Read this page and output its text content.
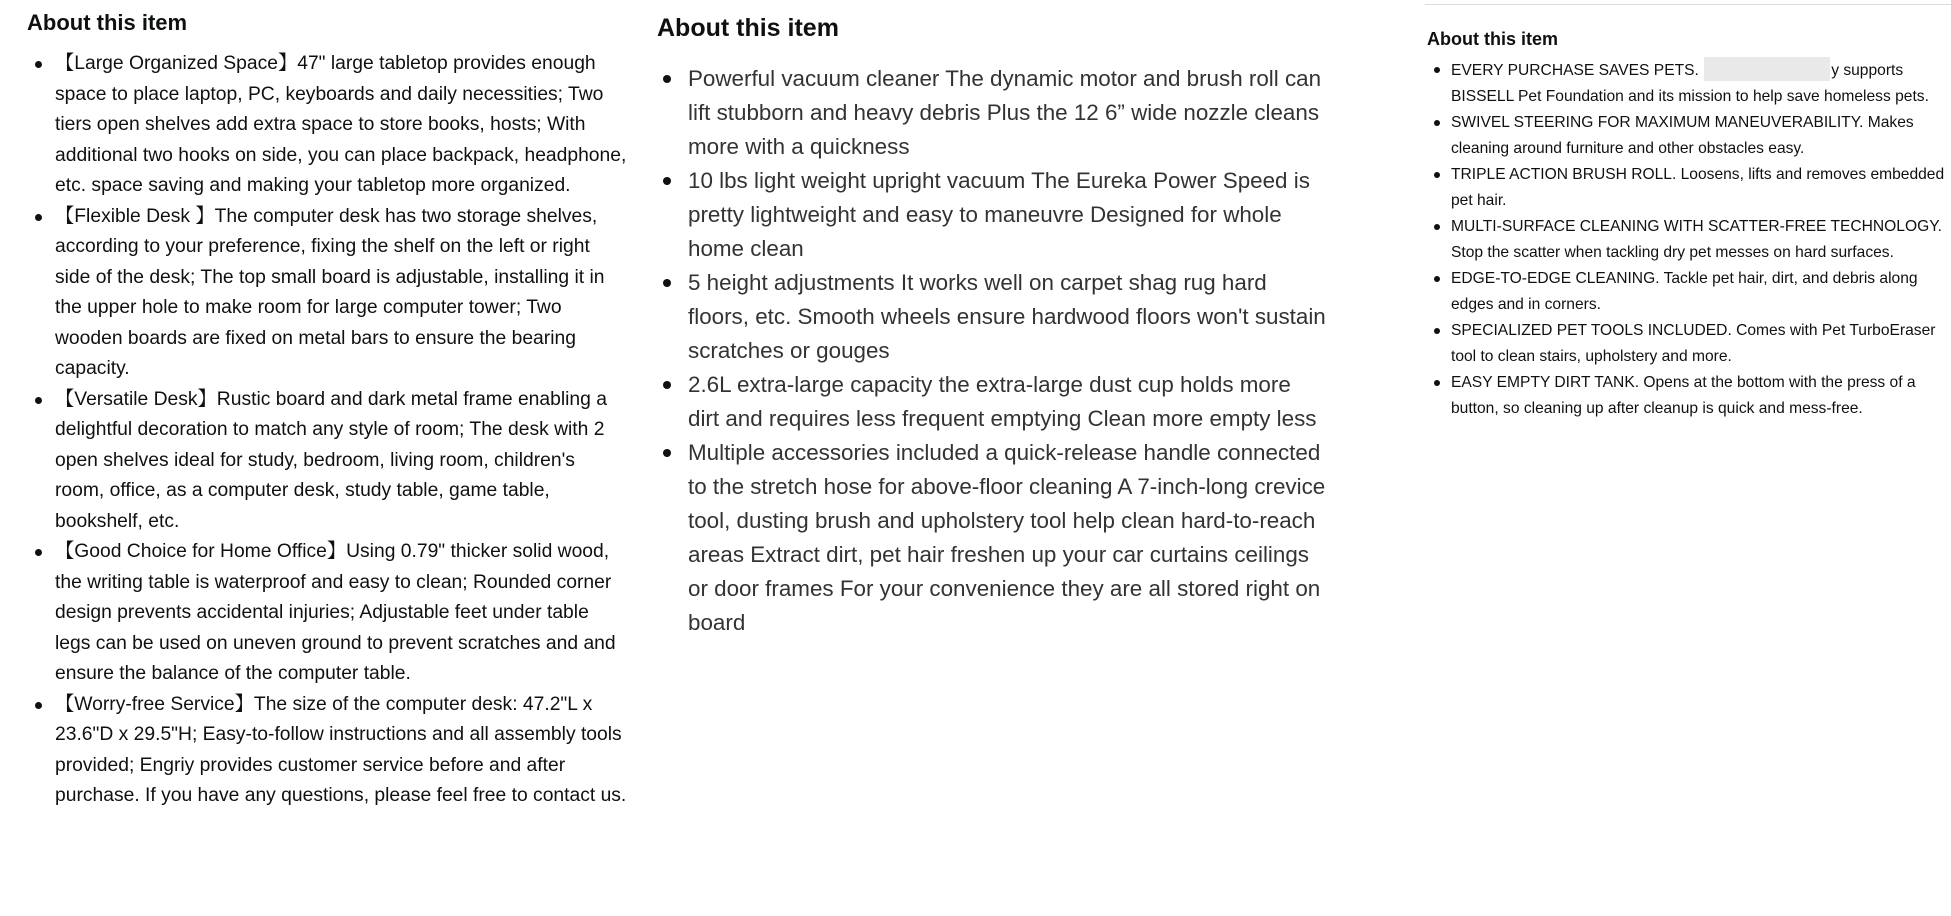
About this item
【Large Organized Space】47" large tabletop provides enough space to place laptop, PC, keyboards and daily necessities; Two tiers open shelves add extra space to store books, hosts; With additional two hooks on side, you can place backpack, headphone, etc. space saving and making your tabletop more organized.
【Flexible Desk 】The computer desk has two storage shelves, according to your preference, fixing the shelf on the left or right side of the desk; The top small board is adjustable, installing it in the upper hole to make room for large computer tower; Two wooden boards are fixed on metal bars to ensure the bearing capacity.
【Versatile Desk】Rustic board and dark metal frame enabling a delightful decoration to match any style of room; The desk with 2 open shelves ideal for study, bedroom, living room, children's room, office, as a computer desk, study table, game table, bookshelf, etc.
【Good Choice for Home Office】Using 0.79" thicker solid wood, the writing table is waterproof and easy to clean; Rounded corner design prevents accidental injuries; Adjustable feet under table legs can be used on uneven ground to prevent scratches and and ensure the balance of the computer table.
【Worry-free Service】The size of the computer desk: 47.2"L x 23.6"D x 29.5"H; Easy-to-follow instructions and all assembly tools provided; Engriy provides customer service before and after purchase. If you have any questions, please feel free to contact us.
About this item
Powerful vacuum cleaner The dynamic motor and brush roll can lift stubborn and heavy debris Plus the 12 6” wide nozzle cleans more with a quickness
10 lbs light weight upright vacuum The Eureka Power Speed is pretty lightweight and easy to maneuvre Designed for whole home clean
5 height adjustments It works well on carpet shag rug hard floors, etc. Smooth wheels ensure hardwood floors won't sustain scratches or gouges
2.6L extra-large capacity the extra-large dust cup holds more dirt and requires less frequent emptying Clean more empty less
Multiple accessories included a quick-release handle connected to the stretch hose for above-floor cleaning A 7-inch-long crevice tool, dusting brush and upholstery tool help clean hard-to-reach areas Extract dirt, pet hair freshen up your car curtains ceilings or door frames For your convenience they are all stored right on board
About this item
EVERY PURCHASE SAVES PETS.	y supports BISSELL Pet Foundation and its mission to help save homeless pets.
SWIVEL STEERING FOR MAXIMUM MANEUVERABILITY. Makes cleaning around furniture and other obstacles easy.
TRIPLE ACTION BRUSH ROLL. Loosens, lifts and removes embedded pet hair.
MULTI-SURFACE CLEANING WITH SCATTER-FREE TECHNOLOGY. Stop the scatter when tackling dry pet messes on hard surfaces.
EDGE-TO-EDGE CLEANING. Tackle pet hair, dirt, and debris along edges and in corners.
SPECIALIZED PET TOOLS INCLUDED. Comes with Pet TurboEraser tool to clean stairs, upholstery and more.
EASY EMPTY DIRT TANK. Opens at the bottom with the press of a button, so cleaning up after cleanup is quick and mess-free.
